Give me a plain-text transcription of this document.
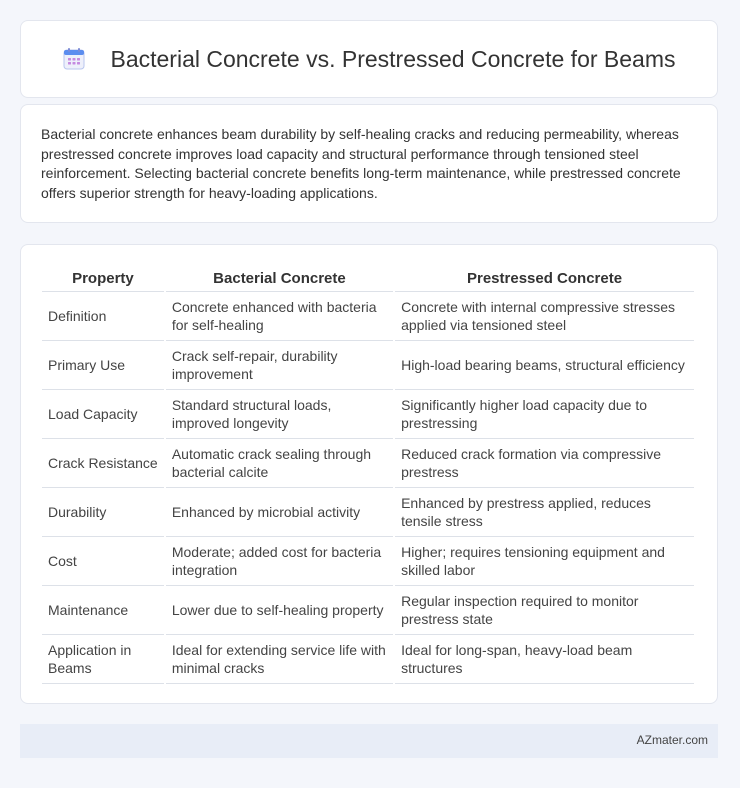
Bacterial Concrete vs. Prestressed Concrete for Beams

Bacterial concrete enhances beam durability by self-healing cracks and reducing permeability, whereas prestressed concrete improves load capacity and structural performance through tensioned steel reinforcement. Selecting bacterial concrete benefits long-term maintenance, while prestressed concrete offers superior strength for heavy-loading applications.

Property	Bacterial Concrete	Prestressed Concrete
Definition	Concrete enhanced with bacteria for self-healing	Concrete with internal compressive stresses applied via tensioned steel
Primary Use	Crack self-repair, durability improvement	High-load bearing beams, structural efficiency
Load Capacity	Standard structural loads, improved longevity	Significantly higher load capacity due to prestressing
Crack Resistance	Automatic crack sealing through bacterial calcite	Reduced crack formation via compressive prestress
Durability	Enhanced by microbial activity	Enhanced by prestress applied, reduces tensile stress
Cost	Moderate; added cost for bacteria integration	Higher; requires tensioning equipment and skilled labor
Maintenance	Lower due to self-healing property	Regular inspection required to monitor prestress state
Application in Beams	Ideal for extending service life with minimal cracks	Ideal for long-span, heavy-load beam structures
AZmater.com
